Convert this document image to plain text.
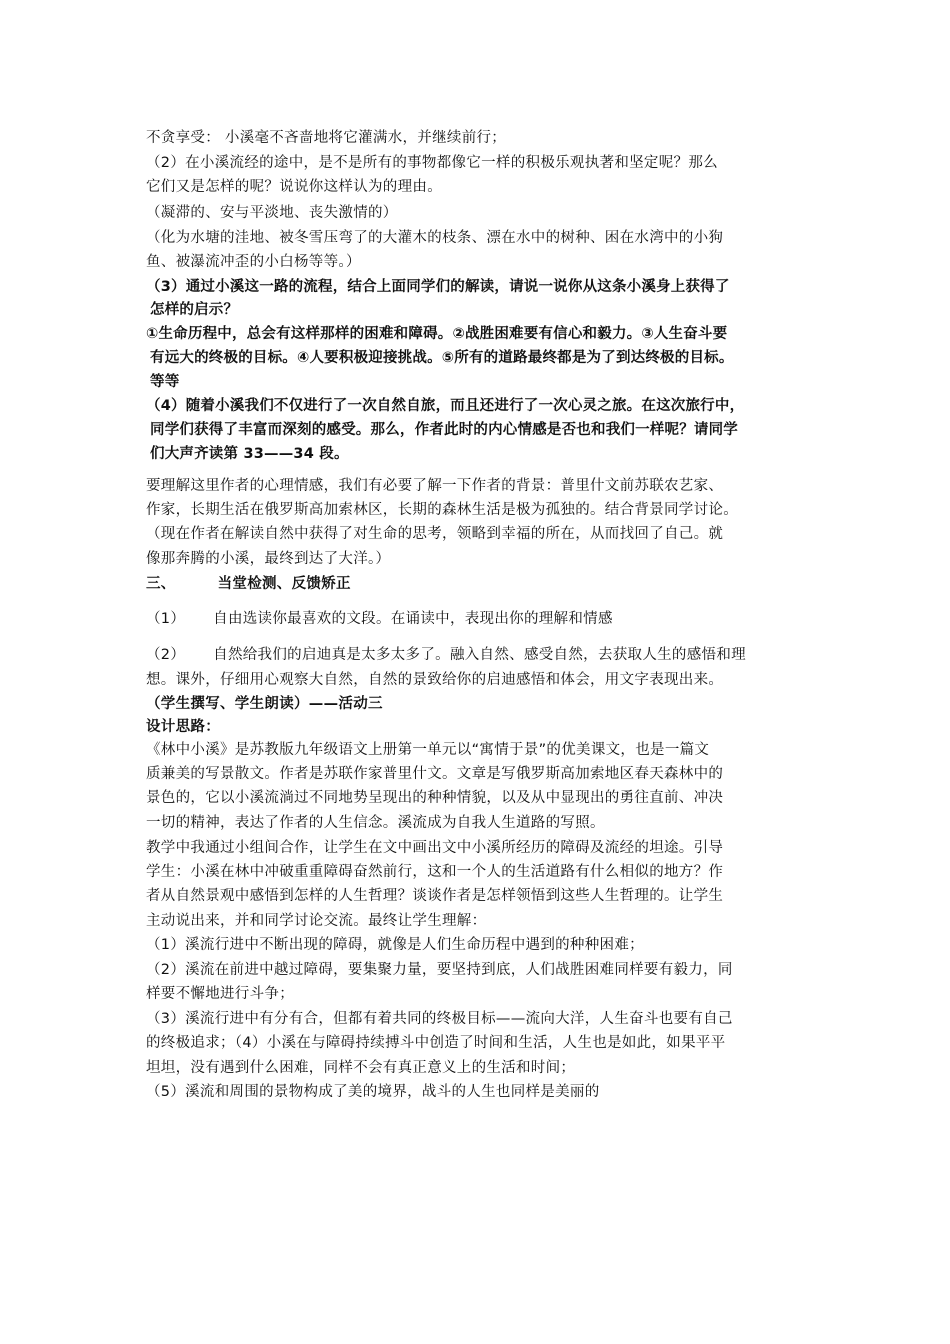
不贪享受： 小溪毫不吝啬地将它灌满水，并继续前行；
（2）在小溪流经的途中，是不是所有的事物都像它一样的积极乐观执著和坚定呢？那么
它们又是怎样的呢？说说你这样认为的理由。
（凝滞的、安与平淡地、丧失激情的）
（化为水塘的洼地、被冬雪压弯了的大灌木的枝条、漂在水中的树种、困在水湾中的小狗
鱼、被瀑流冲歪的小白杨等等。）
（3）通过小溪这一路的流程，结合上面同学们的解读，请说一说你从这条小溪身上获得了
怎样的启示？
①生命历程中，总会有这样那样的困难和障碍。②战胜困难要有信心和毅力。③人生奋斗要
有远大的终极的目标。④人要积极迎接挑战。⑤所有的道路最终都是为了到达终极的目标。
等等
（4）随着小溪我们不仅进行了一次自然自旅，而且还进行了一次心灵之旅。在这次旅行中，
同学们获得了丰富而深刻的感受。那么，作者此时的内心情感是否也和我们一样呢？请同学
们大声齐读第 33——34 段。
要理解这里作者的心理情感，我们有必要了解一下作者的背景：普里什文前苏联农艺家、
作家，长期生活在俄罗斯高加索林区，长期的森林生活是极为孤独的。结合背景同学讨论。
（现在作者在解读自然中获得了对生命的思考，领略到幸福的所在，从而找回了自己。就
像那奔腾的小溪，最终到达了大洋。）
三、	当堂检测、反馈矫正
（1） 自由选读你最喜欢的文段。在诵读中，表现出你的理解和情感
（2） 自然给我们的启迪真是太多太多了。融入自然、感受自然，去获取人生的感悟和理
想。课外，仔细用心观察大自然，自然的景致给你的启迪感悟和体会，用文字表现出来。
（学生撰写、学生朗读）——活动三
设计思路：
《林中小溪》是苏教版九年级语文上册第一单元以“寓情于景”的优美课文，也是一篇文
质兼美的写景散文。作者是苏联作家普里什文。文章是写俄罗斯高加索地区春天森林中的
景色的，它以小溪流淌过不同地势呈现出的种种情貌，以及从中显现出的勇往直前、冲决
一切的精神，表达了作者的人生信念。溪流成为自我人生道路的写照。
教学中我通过小组间合作，让学生在文中画出文中小溪所经历的障碍及流经的坦途。引导
学生：小溪在林中冲破重重障碍奋然前行，这和一个人的生活道路有什么相似的地方？作
者从自然景观中感悟到怎样的人生哲理？谈谈作者是怎样领悟到这些人生哲理的。让学生
主动说出来，并和同学讨论交流。最终让学生理解：
（1）溪流行进中不断出现的障碍，就像是人们生命历程中遇到的种种困难；
（2）溪流在前进中越过障碍，要集聚力量，要坚持到底，人们战胜困难同样要有毅力，同
样要不懈地进行斗争；
（3）溪流行进中有分有合，但都有着共同的终极目标——流向大洋，人生奋斗也要有自己
的终极追求；（4）小溪在与障碍持续搏斗中创造了时间和生活，人生也是如此，如果平平
坦坦，没有遇到什么困难，同样不会有真正意义上的生活和时间；
（5）溪流和周围的景物构成了美的境界，战斗的人生也同样是美丽的
